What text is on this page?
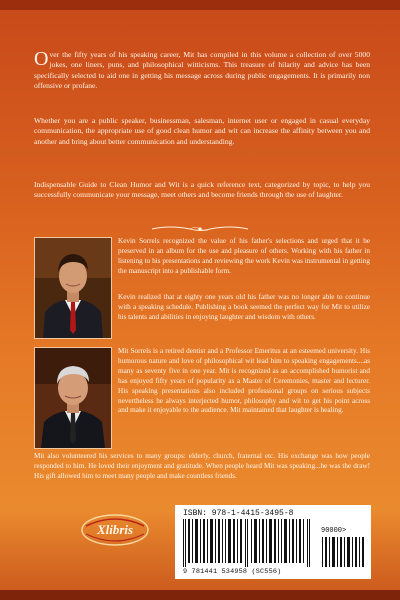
Over the fifty years of his speaking career, Mit has compiled in this volume a collection of over 5000 jokes, one liners, puns, and philosophical witticisms. This treasure of hilarity and advice has been specifically selected to aid one in getting his message across during public engagements. It is primarily non offensive or profane.

Whether you are a public speaker, businessman, salesman, internet user or engaged in casual everyday communication, the appropriate use of good clean humor and wit can increase the affinity between you and another and bring about better communication and understanding.

Indispensable Guide to Clean Humor and Wit is a quick reference text, categorized by topic, to help you successfully communicate your message, meet others and become friends through the use of laughter.

Kevin Sorrels recognized the value of his father's selections and urged that it be preserved in an album for the use and pleasure of others. Working with his father in listening to his presentations and reviewing the work Kevin was instrumental in getting the manuscript into a publishable form.

Kevin realized that at eighty one years old his father was no longer able to continue with a speaking schedule. Publishing a book seemed the perfect way for Mit to utilize his talents and abilities in enjoying laughter and wisdom with others.

Mit Sorrels is a retired dentist and a Professor Emeritus at an esteemed university. His humorous nature and love of philosophical wit lead him to speaking engagements....as many as seventy five in one year. Mit is recognized as an accomplished humorist and has enjoyed fifty years of popularity as a Master of Ceremonies, master and lecturer. His speaking presentations also included professional groups on serious subjects nevertheless he always interjected humor, philosophy and wit to get his point across and make it enjoyable to the audience. Mit maintained that laughter is healing.

Mit also volunteered his services to many groups: elderly, church, fraternal etc. His exchange was how people responded to him. He loved their enjoyment and gratitude. When people heard Mit was speaking...he was the draw! His gift allowed him to meet many people and make countless friends.

Xlibris

ISBN: 978-1-4415-3495-8

90000>

9 781441 534958 (SC556)
